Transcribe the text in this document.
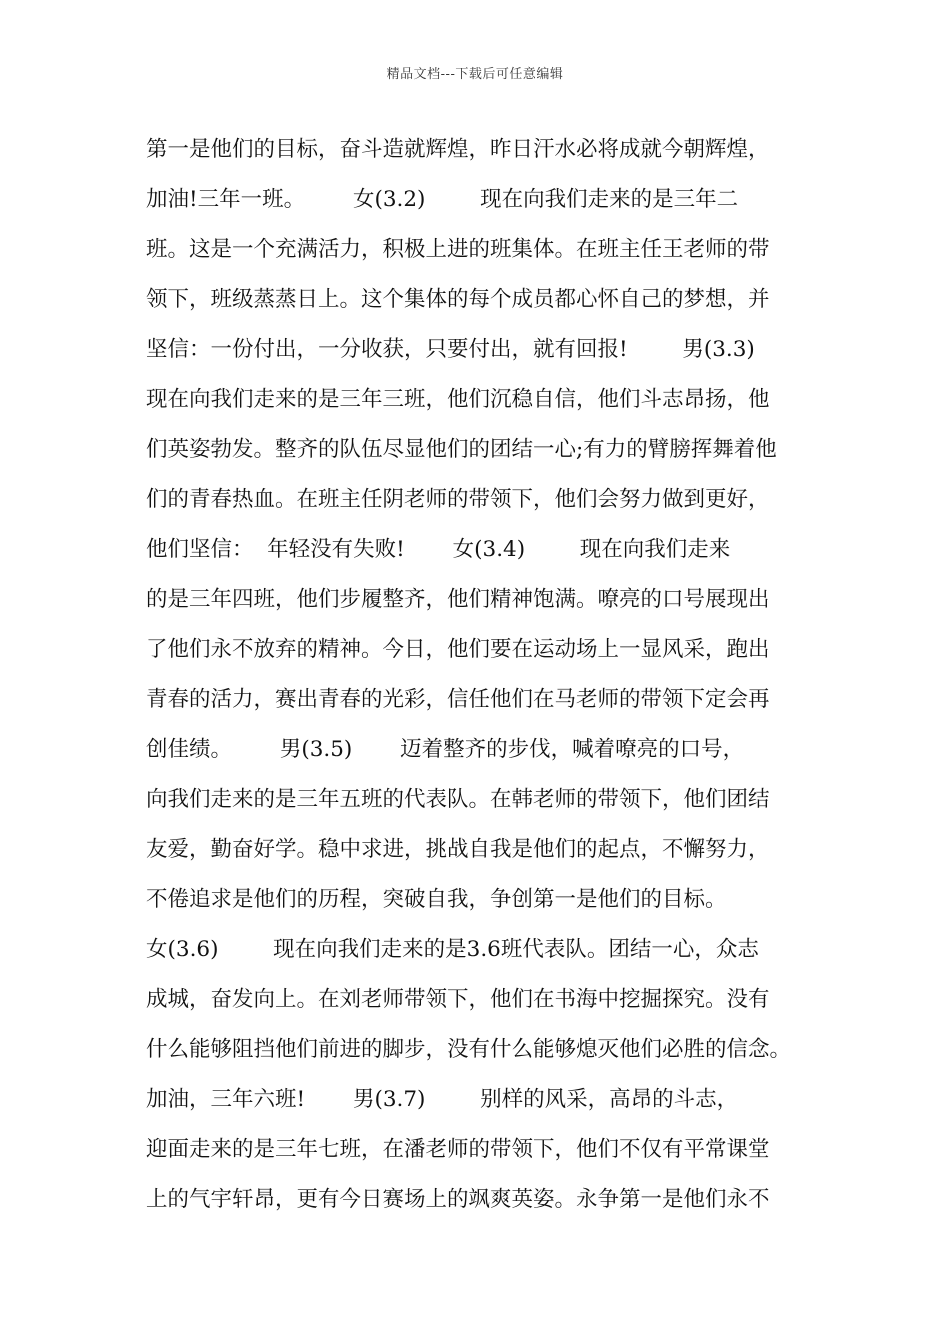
精品文档---下载后可任意编辑
第一是他们的目标，奋斗造就辉煌，昨日汗水必将成就今朝辉煌，
加油!三年一班。       女(3.2)        现在向我们走来的是三年二
班。这是一个充满活力，积极上进的班集体。在班主任王老师的带
领下，班级蒸蒸日上。这个集体的每个成员都心怀自己的梦想，并
坚信：一份付出，一分收获，只要付出，就有回报!        男(3.3)
现在向我们走来的是三年三班，他们沉稳自信，他们斗志昂扬，他
们英姿勃发。整齐的队伍尽显他们的团结一心;有力的臂膀挥舞着他
们的青春热血。在班主任阴老师的带领下，他们会努力做到更好，
他们坚信：  年轻没有失败!       女(3.4)        现在向我们走来
的是三年四班，他们步履整齐，他们精神饱满。嘹亮的口号展现出
了他们永不放弃的精神。今日，他们要在运动场上一显风采，跑出
青春的活力，赛出青春的光彩，信任他们在马老师的带领下定会再
创佳绩。       男(3.5)       迈着整齐的步伐，喊着嘹亮的口号，
向我们走来的是三年五班的代表队。在韩老师的带领下，他们团结
友爱，勤奋好学。稳中求进，挑战自我是他们的起点，不懈努力，
不倦追求是他们的历程，突破自我，争创第一是他们的目标。
女(3.6)        现在向我们走来的是3.6班代表队。团结一心，众志
成城，奋发向上。在刘老师带领下，他们在书海中挖掘探究。没有
什么能够阻挡他们前进的脚步，没有什么能够熄灭他们必胜的信念。
加油，三年六班!       男(3.7)        别样的风采，高昂的斗志，
迎面走来的是三年七班，在潘老师的带领下，他们不仅有平常课堂
上的气宇轩昂，更有今日赛场上的飒爽英姿。永争第一是他们永不
